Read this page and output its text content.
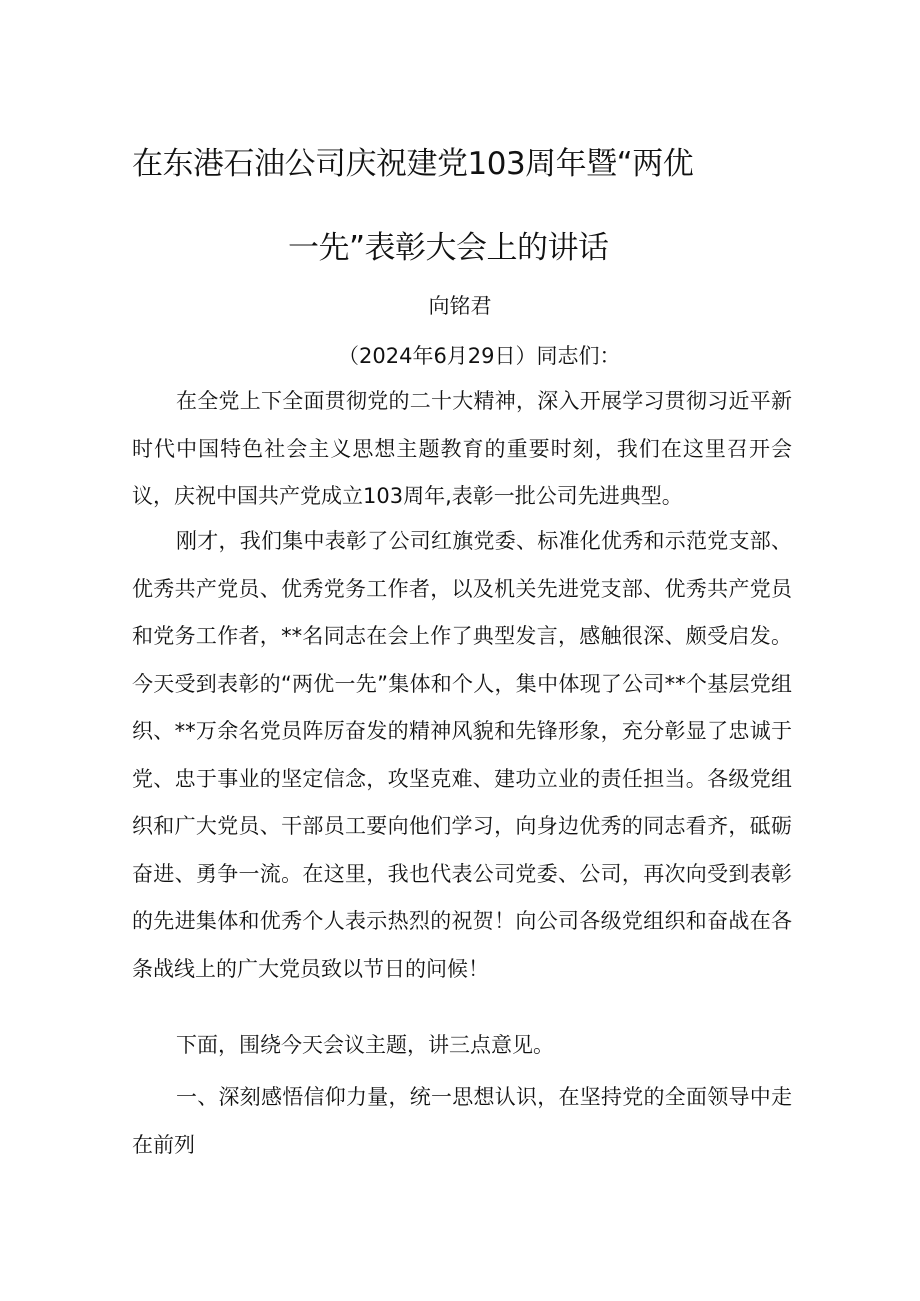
在东港石油公司庆祝建党103周年暨“两优
一先”表彰大会上的讲话
向铭君
（2024年6月29日）同志们：
在全党上下全面贯彻党的二十大精神，深入开展学习贯彻习近平新时代中国特色社会主义思想主题教育的重要时刻，我们在这里召开会议，庆祝中国共产党成立103周年,表彰一批公司先进典型。
刚才，我们集中表彰了公司红旗党委、标准化优秀和示范党支部、优秀共产党员、优秀党务工作者，以及机关先进党支部、优秀共产党员和党务工作者，**名同志在会上作了典型发言，感触很深、颇受启发。今天受到表彰的“两优一先”集体和个人，集中体现了公司**个基层党组织、**万余名党员阵厉奋发的精神风貌和先锋形象，充分彰显了忠诚于党、忠于事业的坚定信念，攻坚克难、建功立业的责任担当。各级党组织和广大党员、干部员工要向他们学习，向身边优秀的同志看齐，砥砺奋进、勇争一流。在这里，我也代表公司党委、公司，再次向受到表彰的先进集体和优秀个人表示热烈的祝贺！向公司各级党组织和奋战在各条战线上的广大党员致以节日的问候！
下面，围绕今天会议主题，讲三点意见。
一、深刻感悟信仰力量，统一思想认识，在坚持党的全面领导中走在前列
